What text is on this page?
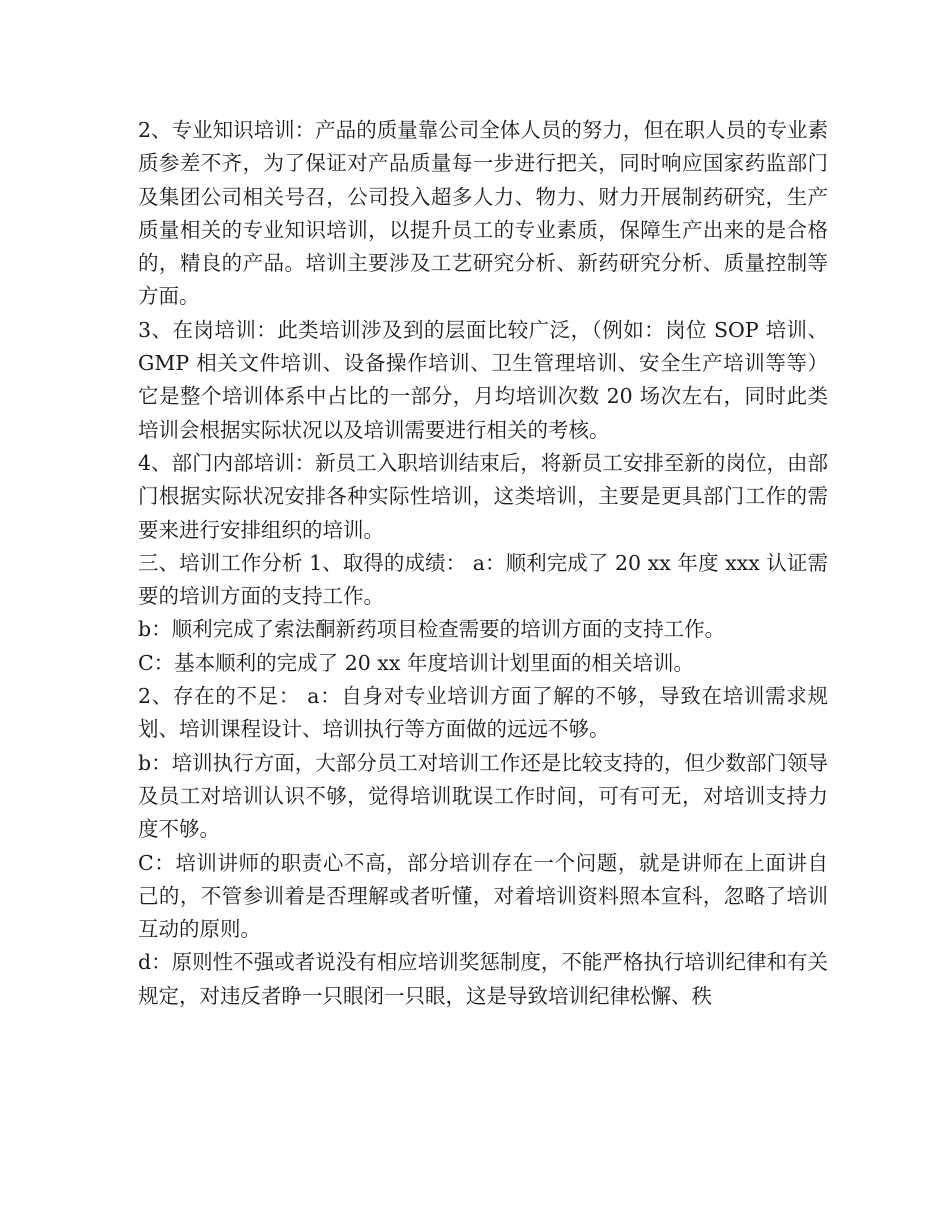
2、专业知识培训：产品的质量靠公司全体人员的努力，但在职人员的专业素质参差不齐，为了保证对产品质量每一步进行把关，同时响应国家药监部门及集团公司相关号召，公司投入超多人力、物力、财力开展制药研究，生产质量相关的专业知识培训，以提升员工的专业素质，保障生产出来的是合格的，精良的产品。培训主要涉及工艺研究分析、新药研究分析、质量控制等方面。

3、在岗培训：此类培训涉及到的层面比较广泛，（例如：岗位 SOP 培训、GMP 相关文件培训、设备操作培训、卫生管理培训、安全生产培训等等）它是整个培训体系中占比的一部分，月均培训次数 20 场次左右，同时此类培训会根据实际状况以及培训需要进行相关的考核。

4、部门内部培训：新员工入职培训结束后，将新员工安排至新的岗位，由部门根据实际状况安排各种实际性培训，这类培训，主要是更具部门工作的需要来进行安排组织的培训。

三、培训工作分析 1、取得的成绩： a：顺利完成了 20 xx 年度 xxx 认证需要的培训方面的支持工作。

b：顺利完成了索法酮新药项目检查需要的培训方面的支持工作。

C：基本顺利的完成了 20 xx 年度培训计划里面的相关培训。

2、存在的不足： a：自身对专业培训方面了解的不够，导致在培训需求规划、培训课程设计、培训执行等方面做的远远不够。

b：培训执行方面，大部分员工对培训工作还是比较支持的，但少数部门领导及员工对培训认识不够，觉得培训耽误工作时间，可有可无，对培训支持力度不够。

C：培训讲师的职责心不高，部分培训存在一个问题，就是讲师在上面讲自己的，不管参训着是否理解或者听懂，对着培训资料照本宣科，忽略了培训互动的原则。

d：原则性不强或者说没有相应培训奖惩制度，不能严格执行培训纪律和有关规定，对违反者睁一只眼闭一只眼，这是导致培训纪律松懈、秩
